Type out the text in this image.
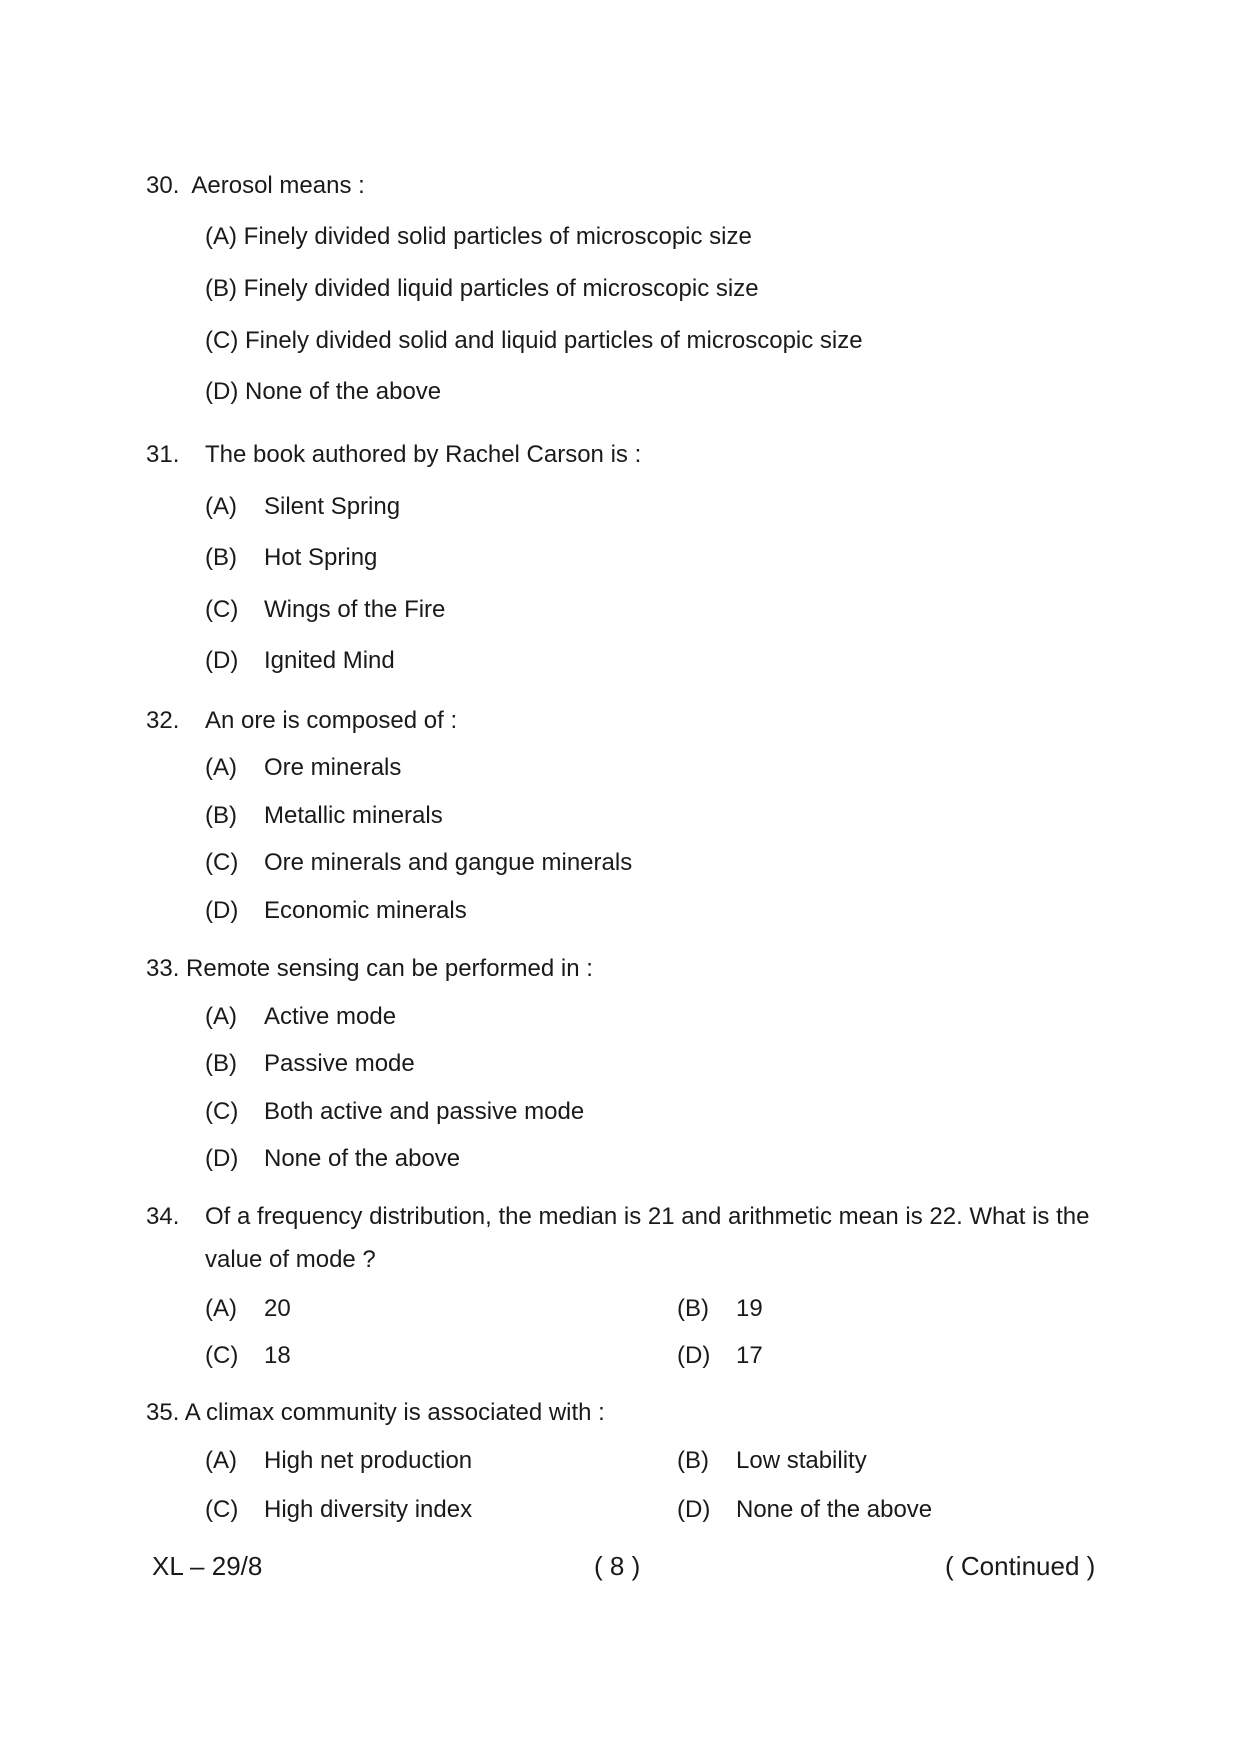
30.  Aerosol means :
(A) Finely divided solid particles of microscopic size
(B) Finely divided liquid particles of microscopic size
(C) Finely divided solid and liquid particles of microscopic size
(D) None of the above
31. The book authored by Rachel Carson is :
(A) Silent Spring
(B) Hot Spring
(C) Wings of the Fire
(D) Ignited Mind
32. An ore is composed of :
(A) Ore minerals
(B) Metallic minerals
(C) Ore minerals and gangue minerals
(D) Economic minerals
33. Remote sensing can be performed in :
(A) Active mode
(B) Passive mode
(C) Both active and passive mode
(D) None of the above
34. Of a frequency distribution, the median is 21 and arithmetic mean is 22. What is the
value of mode ?
(A) 20	(B) 19
(C) 18	(D) 17
35. A climax community is associated with :
(A) High net production	(B) Low stability
(C) High diversity index	(D) None of the above
XL – 29/8	( 8 )	( Continued )
